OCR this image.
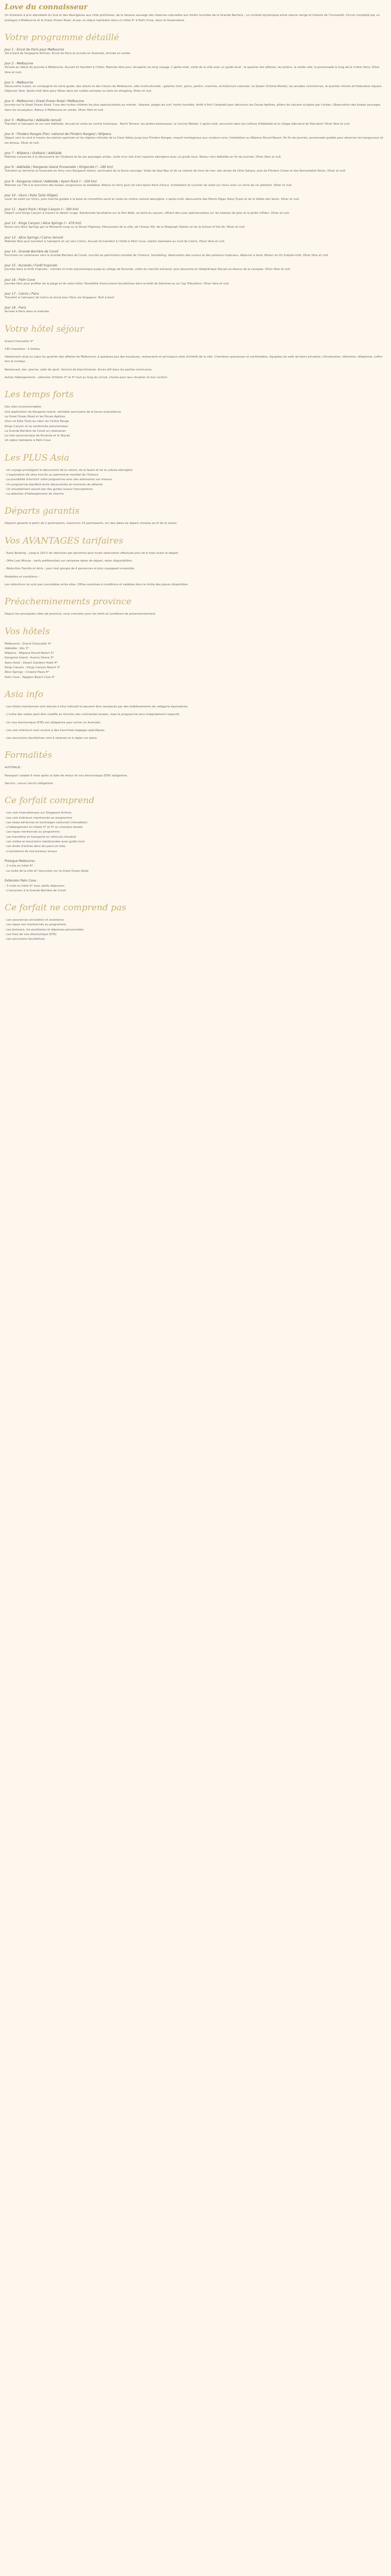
Love du connaisseur

Un itinéraire à prix abordable du Sud et des Aborigènes aux cités primitives, de la Savane sauvage des réserves naturelles aux forêts humides de la Grande Barrière ; un cocktail dynamique entre nature vierge et histoire de l'humanité. Circuit complété par un prologue à Melbourne et le Great Ocean Road, et par un séjour balnéaire dans un hôtel 4* à Palm Cove, dans le Queensland.

Votre programme détaillé
Jour 1 : Envol de Paris pour Melbourne

Vol à bord de Singapore Airlines. Envol de Paris et arrivée en Australie, Arrivée en soirée.

Jour 2 : Melbourne

Arrivée en début de journée à Melbourne. Accueil et transfert à l'hôtel. Matinée libre pour récupérer du long voyage. L'après-midi, visite de la ville avec un guide local : le quartier des affaires, les jardins, la vieille ville, la promenade le long de la rivière Yarra. Dîner libre et nuit.

Jour 3 : Melbourne

Découverte à pied, en compagnie de votre guide, des atouts et des trésors de Melbourne, ville multiculturelle : galeries d'art, parcs, jardins, marchés, architecture coloniale. Le Queen Victoria Market, les arcades victoriennes, le quartier chinois et Federation Square. Déjeuner libre. Après-midi libre pour flâner dans les ruelles animées ou faire du shopping. Dîner et nuit.

Jour 4 : Melbourne / Great Ocean Road / Melbourne

Journée sur la Great Ocean Road, l'une des routes côtières les plus spectaculaires au monde : falaises, plages de surf, forêts humides. Arrêt à Port Campbell pour découvrir les Douze Apôtres, piliers de calcaire sculptés par l'océan. Observation des koalas sauvages dans les eucalyptus. Retour à Melbourne en soirée. Dîner libre et nuit.

Jour 5 : Melbourne / Adélaïde (envol)

Transfert à l'aéroport et vol vers Adélaïde. Accueil et visite du centre historique : North Terrace, les jardins botaniques, le Central Market. L'après-midi, excursion dans les collines d'Adélaïde et le village allemand de Hahndorf. Dîner libre et nuit.

Jour 6 : Flinders Ranges (Parc national de Flinders Ranges) / Wilpena

Départ vers le nord à travers les plaines agricoles et les régions viticoles de la Clare Valley jusqu'aux Flinders Ranges, massif montagneux aux couleurs ocre. Installation au Wilpena Pound Resort. En fin de journée, promenade guidée pour observer les kangourous et les émeus. Dîner et nuit.

Jour 7 : Wilpena / Outback / Adélaïde

Matinée consacrée à la découverte de l'Outback et de ses paysages arides, visite d'un site d'art rupestre aborigène avec un guide local. Retour vers Adélaïde en fin de journée. Dîner libre et nuit.

Jour 8 : Adélaïde / Kangaroo Island (traversée) / Kingscote (~ 180 km)

Transfert au terminal et traversée en ferry vers Kangaroo Island, sanctuaire de la faune sauvage. Visite de Seal Bay et de sa colonie de lions de mer, des dunes de Little Sahara, puis de Flinders Chase et des Remarkable Rocks. Dîner et nuit.

Jour 9 : Kangaroo Island / Adélaïde / Ayers Rock (~ 100 km)

Matinée sur l'île à la rencontre des koalas, kangourous et wallabies. Retour en ferry puis vol vers Ayers Rock (Uluru). Installation et coucher de soleil sur Uluru avec un verre de vin pétillant. Dîner et nuit.

Jour 10 : Uluru / Kata Tjuta (Olgas)

Lever de soleil sur Uluru, puis marche guidée à la base du monolithe sacré et visite du centre culturel aborigène. L'après-midi, découverte des Monts Olgas (Kata Tjuta) et de la Vallée des Vents. Dîner et nuit.

Jour 11 : Ayers Rock / Kings Canyon (~ 300 km)

Départ vers Kings Canyon à travers le désert rouge. Randonnée facultative sur le Rim Walk, au bord du canyon, offrant des vues spectaculaires sur les falaises de grès et le Jardin d'Éden. Dîner et nuit.

Jour 12 : Kings Canyon / Alice Springs (~ 470 km)

Route vers Alice Springs par la Mereenie Loop ou la Stuart Highway. Découverte de la ville, de l'Anzac Hill, de la Telegraph Station et de la School of the Air. Dîner et nuit.

Jour 13 : Alice Springs / Cairns (envol)

Matinée libre puis transfert à l'aéroport et vol vers Cairns. Accueil et transfert à l'hôtel à Palm Cove, station balnéaire au nord de Cairns. Dîner libre et nuit.

Jour 14 : Grande Barrière de Corail

Excursion en catamaran vers la Grande Barrière de Corail, inscrite au patrimoine mondial de l'Unesco. Snorkeling, observation des coraux et des poissons tropicaux, déjeuner à bord. Retour en fin d'après-midi. Dîner libre et nuit.

Jour 15 : Kuranda / Forêt tropicale

Journée dans la forêt tropicale : montée en train panoramique jusqu'au village de Kuranda, visite du marché artisanal, puis descente en téléphérique Skyrail au-dessus de la canopée. Dîner libre et nuit.

Jour 16 : Palm Cove

Journée libre pour profiter de la plage et de votre hôtel. Possibilité d'excursions facultatives dans la forêt de Daintree ou au Cap Tribulation. Dîner libre et nuit.

Jour 17 : Cairns / Paris

Transfert à l'aéroport de Cairns et envol pour Paris via Singapour. Nuit à bord.

Jour 18 : Paris

Arrivée à Paris dans la matinée.

Votre hôtel séjour

Grand Chancellor 4*

145 chambres - 5 étoiles

Idéalement situé au cœur du quartier des affaires de Melbourne, à quelques pas des boutiques, restaurants et principaux sites d'intérêt de la ville. Chambres spacieuses et confortables, équipées de salle de bains privative, climatisation, télévision, téléphone, coffre-fort et minibar.

Restaurant, bar, piscine, salle de sport. Service de blanchisserie. Accès wifi dans les parties communes.

Autres hébergements : sélection d'hôtels 3* et 4* tout au long du circuit, choisis pour leur situation et leur confort.

Les temps forts
Des sites incontournables
Une exploration de Kangaroo Island, véritable sanctuaire de la faune australienne
La Great Ocean Road et les Douze Apôtres
Uluru et Kata Tjuta au cœur du Centre Rouge
Kings Canyon et sa randonnée panoramique
La Grande Barrière de Corail en catamaran
Le train panoramique de Kuranda et le Skyrail
Un séjour balnéaire à Palm Cove
Les PLUS Asia
- Un voyage privilégiant la découverte de la nature, de la faune et de la culture aborigène
- L'exploration de sites inscrits au patrimoine mondial de l'Unesco
- La possibilité d'enrichir votre programme avec des extensions sur mesure
- Un programme équilibré entre découvertes et moments de détente
- Un encadrement assuré par des guides locaux francophones
- La sélection d'hébergements de charme
Départs garantis

Départs garantis à partir de 2 participants, maximum 24 participants, sur des dates de départ choisies au fil de la saison.

Vos AVANTAGES tarifaires

- Early Booking : jusqu'à 150 € de réduction par personne pour toute réservation effectuée plus de 6 mois avant le départ.

- Offre Last Minute : tarifs préférentiels sur certaines dates de départ, selon disponibilités.

- Réduction Famille et Amis : pour tout groupe de 4 personnes et plus voyageant ensemble.

Modalités et conditions :

Les réductions ne sont pas cumulables entre elles. Offres soumises à conditions et valables dans la limite des places disponibles.

Préacheminements province

Depuis les principales villes de province, nous consulter pour les tarifs et conditions de préacheminement.

Vos hôtels
Melbourne : Grand Chancellor 4*
Adélaïde : Ibis 3*
Wilpena : Wilpena Pound Resort 3*
Kangaroo Island : Aurora Ozone 3*
Ayers Rock : Desert Gardens Hotel 4*
Kings Canyon : Kings Canyon Resort 3*
Alice Springs : Crowne Plaza 4*
Palm Cove : Peppers Beach Club 4*
Asia info

- Les hôtels mentionnés sont donnés à titre indicatif et peuvent être remplacés par des établissements de catégorie équivalente.

- L'ordre des visites peut être modifié en fonction des contraintes locales, mais le programme sera intégralement respecté.

- Un visa électronique (ETA) est obligatoire pour entrer en Australie.

- Les vols intérieurs sont soumis à des franchises bagages spécifiques.

- Les excursions facultatives sont à réserver et à régler sur place.

Formalités

AUSTRALIE :

Passeport valable 6 mois après la date de retour et visa électronique (ETA) obligatoire.

Vaccins : aucun vaccin obligatoire.

Ce forfait comprend
- Les vols internationaux sur Singapore Airlines
- Les vols intérieurs mentionnés au programme
- Les taxes aériennes et surcharges carburant (révisables)
- L'hébergement en hôtels 3* et 4* en chambre double
- Les repas mentionnés au programme
- Les transferts et transports en véhicule climatisé
- Les visites et excursions mentionnées avec guide local
- Les droits d'entrée dans les parcs et sites
- L'assistance de nos bureaux locaux

Prologue Melbourne :

- 2 nuits en hôtel 4*
- La visite de la ville et l'excursion sur la Great Ocean Road

Extension Palm Cove :

- 3 nuits en hôtel 4* avec petits déjeuners
- L'excursion à la Grande Barrière de Corail
Ce forfait ne comprend pas
- Les assurances annulation et assistance
- Les repas non mentionnés au programme
- Les boissons, les pourboires et dépenses personnelles
- Les frais de visa électronique (ETA)
- Les excursions facultatives
